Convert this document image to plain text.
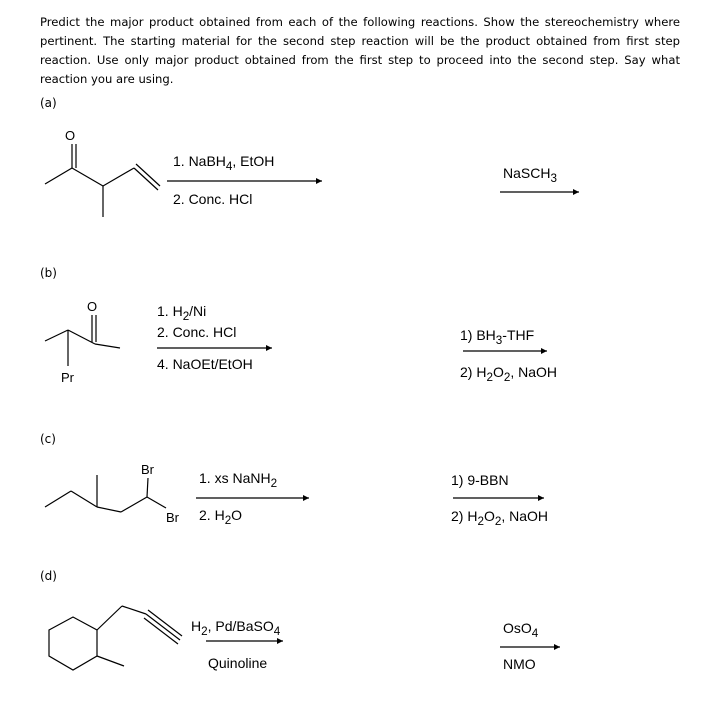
Predict the major product obtained from each of the following reactions. Show the stereochemistry where pertinent. The starting material for the second step reaction will be the product obtained from first step reaction. Use only major product obtained from the first step to proceed into the second step. Say what reaction you are using.
(a)
(b)
(c)
(d)
O
1. NaBH$_4$, EtOH
2. Conc. HCl
NaSCH$_3$
O
Pr
1. $H_2/Ni$
2. Conc. HCl
4. NaOEt/EtOH
1) $BH_3$-THF
2) $H_2O_2$, NaOH
Br
Br
1. xs NaNH$_2$
2. $H_2O$
1) 9-BBN
2) $H_2O_2$, NaOH
$H_2$, Pd/BaSO$_4$
Quinoline
OsO$_4$
NMO
